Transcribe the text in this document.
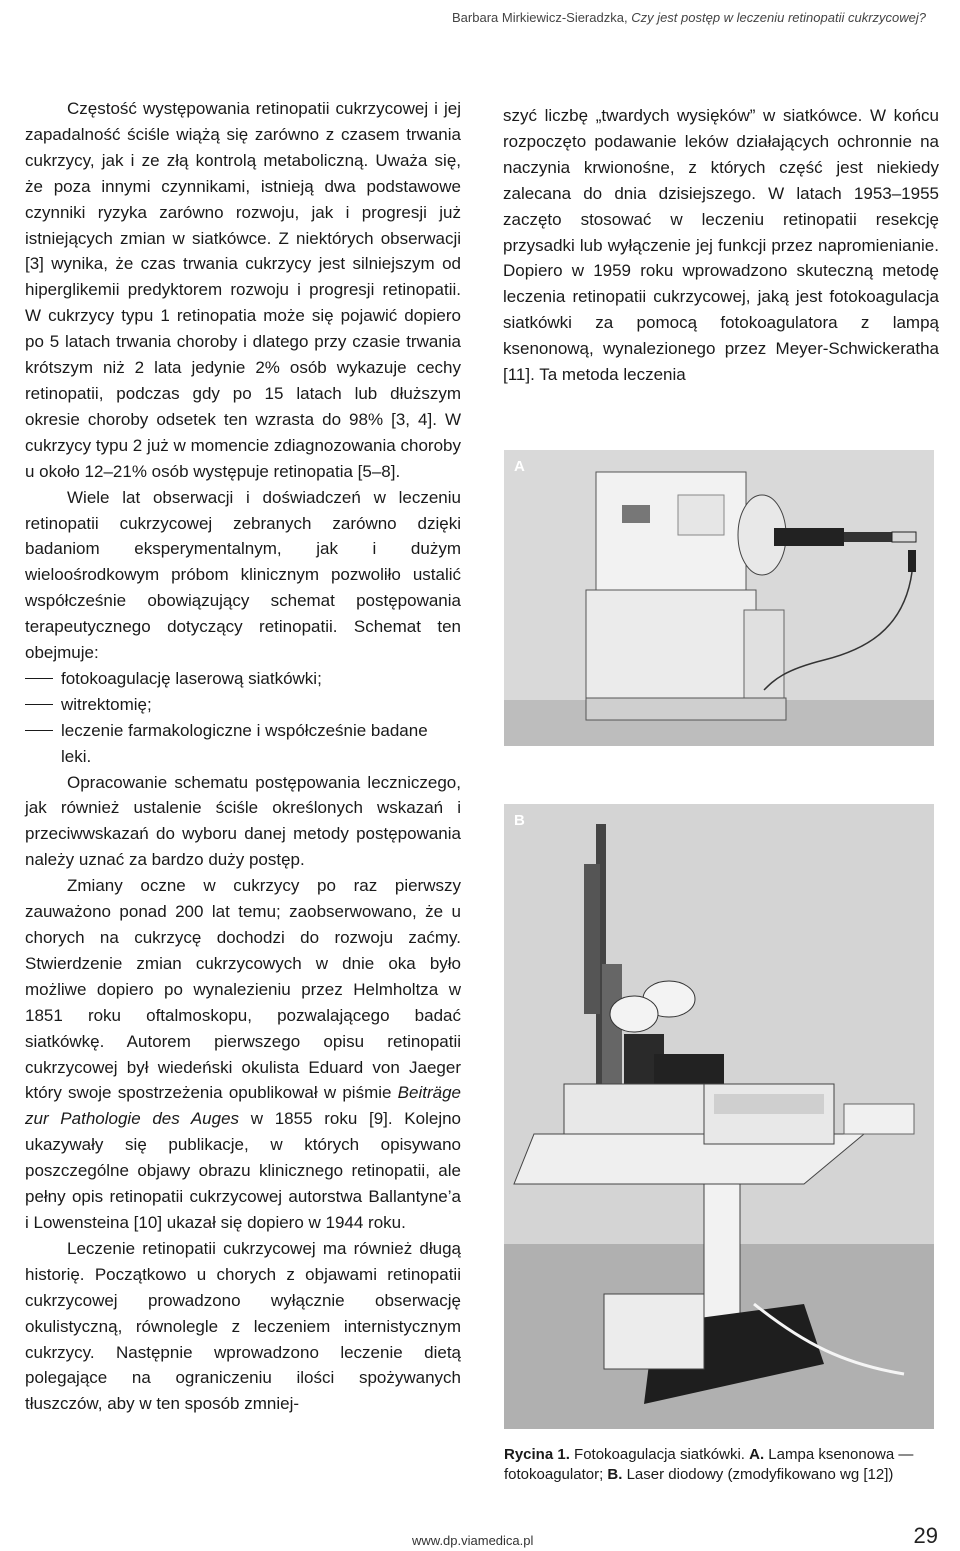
Barbara Mirkiewicz-Sieradzka, Czy jest postęp w leczeniu retinopatii cukrzycowej?

Częstość występowania retinopatii cukrzycowej i jej zapadalność ściśle wiążą się zarówno z czasem trwania cukrzycy, jak i ze złą kontrolą metaboliczną. Uważa się, że poza innymi czynnikami, istnieją dwa podstawowe czynniki ryzyka zarówno rozwoju, jak i progresji już istniejących zmian w siatkówce. Z niektórych obserwacji [3] wynika, że czas trwania cukrzycy jest silniejszym od hiperglikemii predyktorem rozwoju i progresji retinopatii. W cukrzycy typu 1 retinopatia może się pojawić dopiero po 5 latach trwania choroby i dlatego przy czasie trwania krótszym niż 2 lata jedynie 2% osób wykazuje cechy retinopatii, podczas gdy po 15 latach lub dłuższym okresie choroby odsetek ten wzrasta do 98% [3, 4]. W cukrzycy typu 2 już w momencie zdiagnozowania choroby u około 12–21% osób występuje retinopatia [5–8].

Wiele lat obserwacji i doświadczeń w leczeniu retinopatii cukrzycowej zebranych zarówno dzięki badaniom eksperymentalnym, jak i dużym wieloośrodkowym próbom klinicznym pozwoliło ustalić współcześnie obowiązujący schemat postępowania terapeutycznego dotyczący retinopatii. Schemat ten obejmuje:

fotokoagulację laserową siatkówki;
witrektomię;
leczenie farmakologiczne i współcześnie badane leki.

Opracowanie schematu postępowania leczniczego, jak również ustalenie ściśle określonych wskazań i przeciwwskazań do wyboru danej metody postępowania należy uznać za bardzo duży postęp.

Zmiany oczne w cukrzycy po raz pierwszy zauważono ponad 200 lat temu; zaobserwowano, że u chorych na cukrzycę dochodzi do rozwoju zaćmy. Stwierdzenie zmian cukrzycowych w dnie oka było możliwe dopiero po wynalezieniu przez Helmholtza w 1851 roku oftalmoskopu, pozwalającego badać siatkówkę. Autorem pierwszego opisu retinopatii cukrzycowej był wiedeński okulista Eduard von Jaeger który swoje spostrzeżenia opublikował w piśmie Beiträge zur Pathologie des Auges w 1855 roku [9]. Kolejno ukazywały się publikacje, w których opisywano poszczególne objawy obrazu klinicznego retinopatii, ale pełny opis retinopatii cukrzycowej autorstwa Ballantyne’a i Lowensteina [10] ukazał się dopiero w 1944 roku.

Leczenie retinopatii cukrzycowej ma również długą historię. Początkowo u chorych z objawami retinopatii cukrzycowej prowadzono wyłącznie obserwację okulistyczną, równolegle z leczeniem internistycznym cukrzycy. Następnie wprowadzono leczenie dietą polegające na ograniczeniu ilości spożywanych tłuszczów, aby w ten sposób zmniej-

szyć liczbę „twardych wysięków” w siatkówce. W końcu rozpoczęto podawanie leków działających ochronnie na naczynia krwionośne, z których część jest niekiedy zalecana do dnia dzisiejszego. W latach 1953–1955 zaczęto stosować w leczeniu retinopatii resekcję przysadki lub wyłączenie jej funkcji przez napromienianie. Dopiero w 1959 roku wprowadzono skuteczną metodę leczenia retinopatii cukrzycowej, jaką jest fotokoagulacja siatkówki za pomocą fotokoagulatora z lampą ksenonową, wynalezionego przez Meyer-Schwickeratha [11]. Ta metoda leczenia

A
B
Rycina 1. Fotokoagulacja siatkówki. A. Lampa ksenonowa — fotokoagulator; B. Laser diodowy (zmodyfikowano wg [12])
www.dp.viamedica.pl	29
